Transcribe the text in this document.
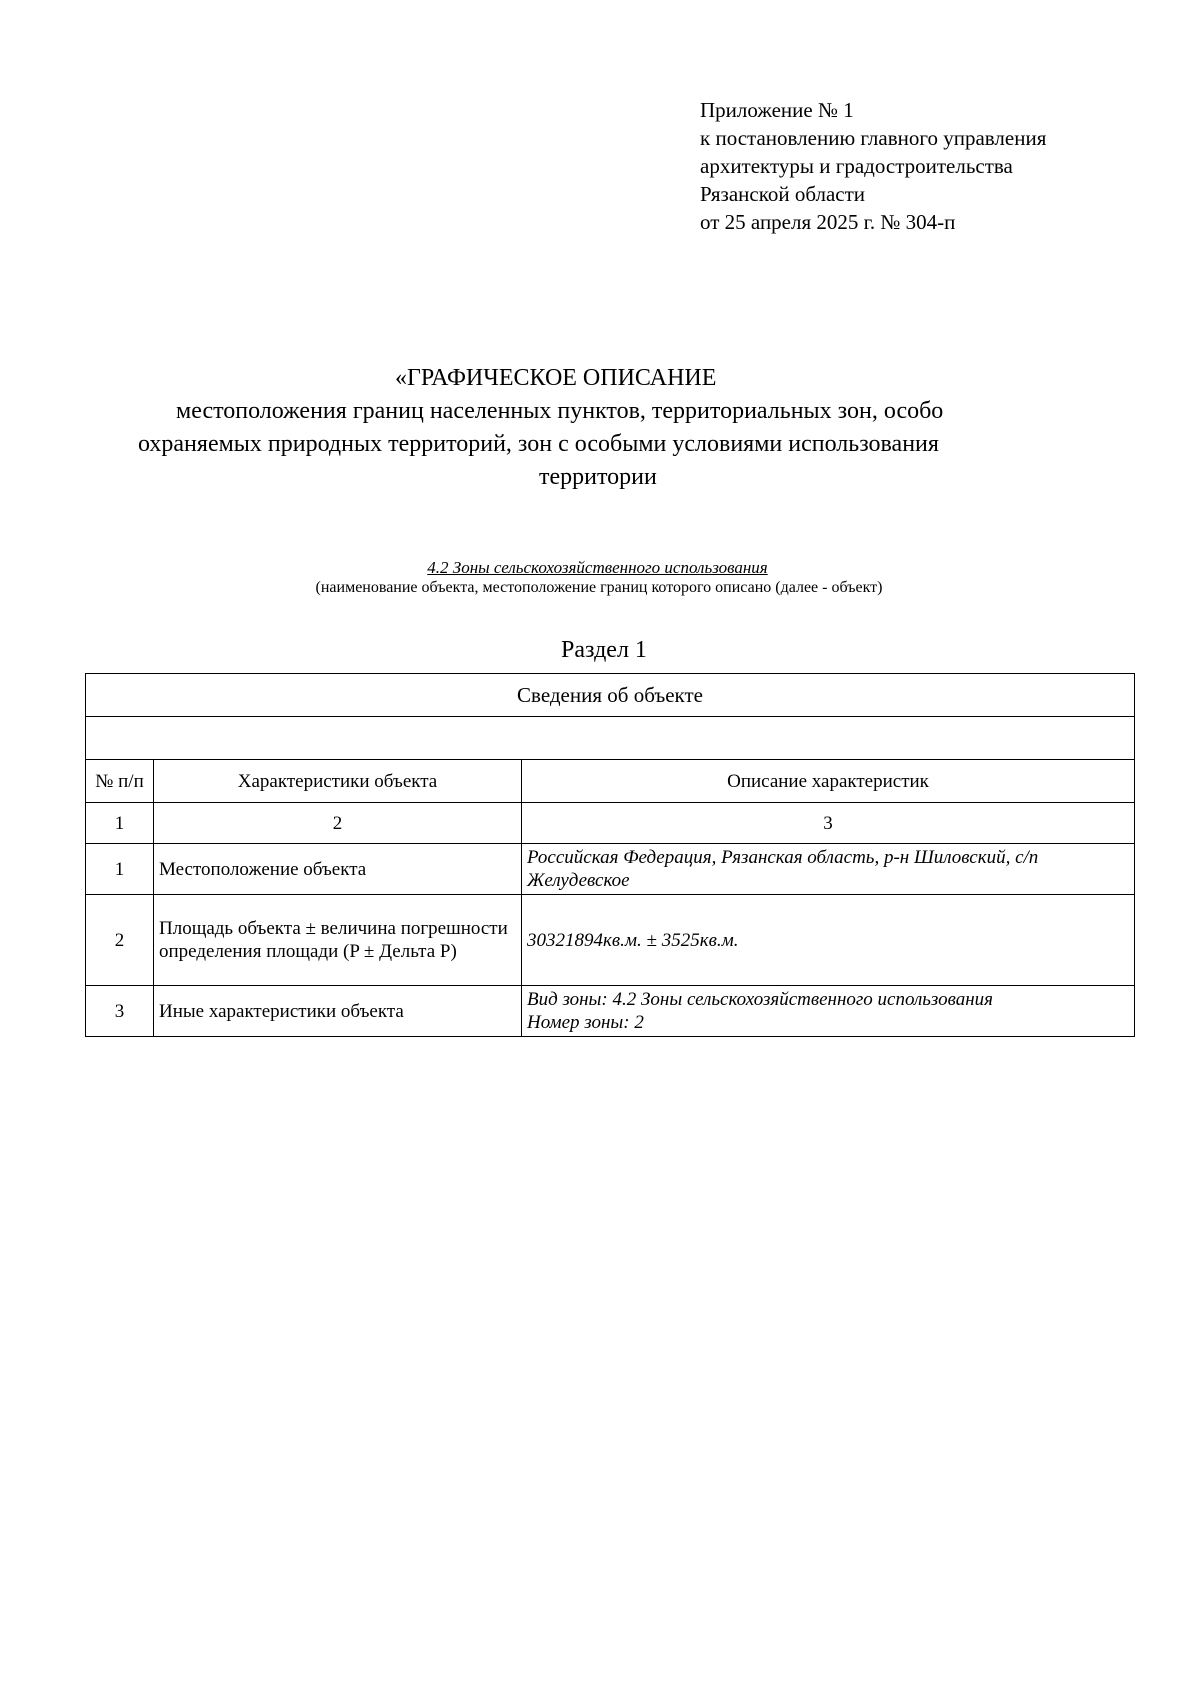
Приложение № 1
к постановлению главного управления
архитектуры и градостроительства
Рязанской области
от 25 апреля 2025 г. № 304-п
«ГРАФИЧЕСКОЕ ОПИСАНИЕ
местоположения границ населенных пунктов, территориальных зон, особо
охраняемых природных территорий, зон с особыми условиями использования
территории
4.2 Зоны сельскохозяйственного использования
(наименование объекта, местоположение границ которого описано (далее - объект)
Раздел 1
Сведения об объекте		

№ п/п	Характеристики объекта	Описание характеристик
1	2	3
1	Местоположение объекта	Российская Федерация, Рязанская область, р-н Шиловский, с/п Желудевское
2	Площадь объекта ± величина погрешности определения площади (P ± Дельта P)	30321894кв.м. ± 3525кв.м.
3	Иные характеристики объекта	Вид зоны: 4.2 Зоны сельскохозяйственного использования
Номер зоны: 2
